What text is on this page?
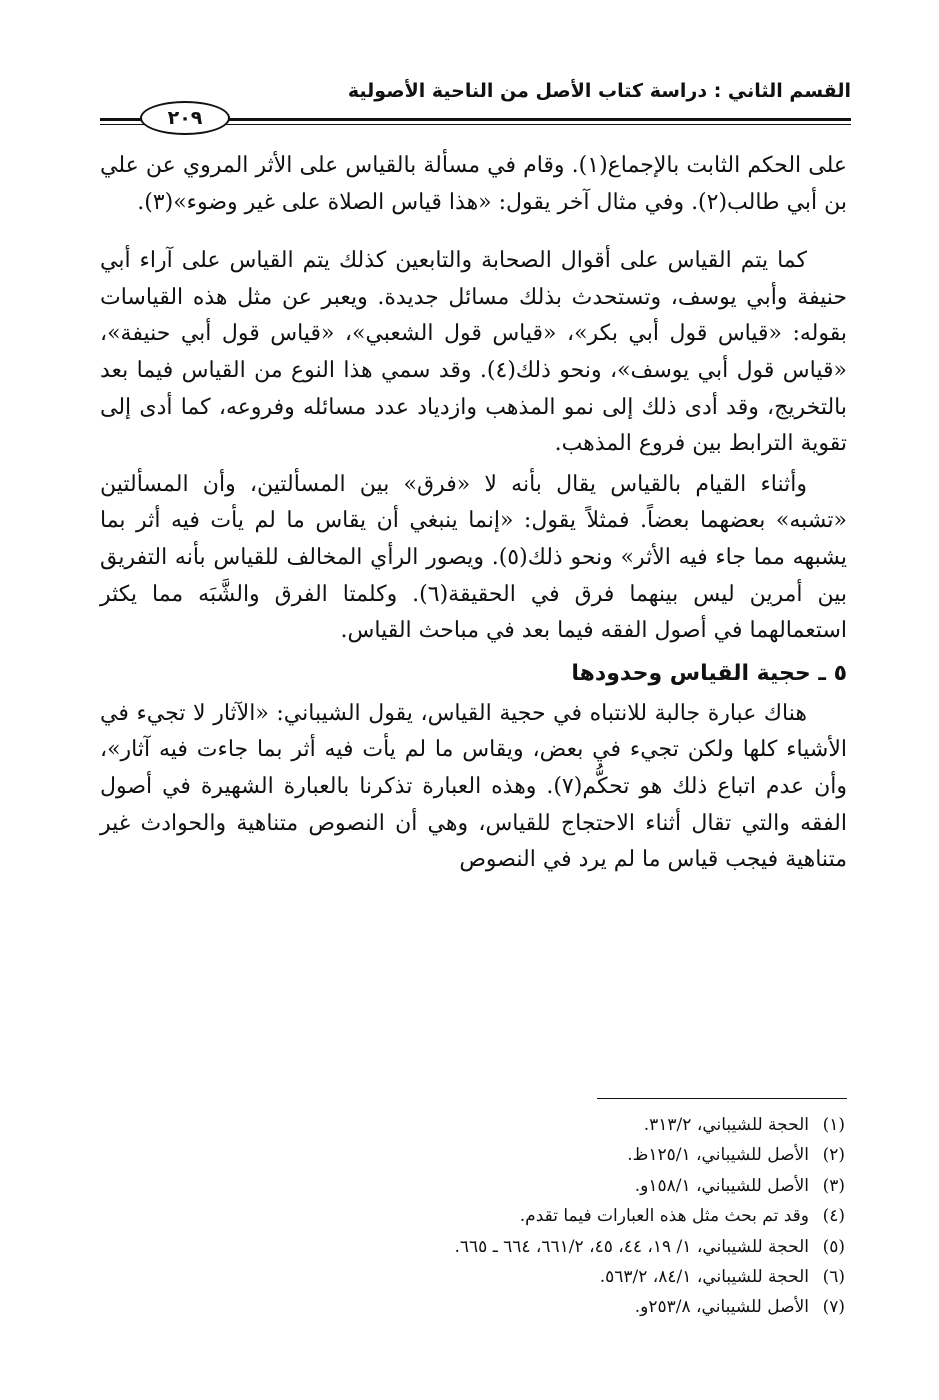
القسم الثاني : دراسة كتاب الأصل من الناحية الأصولية
٢٠٩

على الحكم الثابت بالإجماع(١). وقام في مسألة بالقياس على الأثر المروي عن علي بن أبي طالب(٢). وفي مثال آخر يقول: «هذا قياس الصلاة على غير وضوء»(٣).

كما يتم القياس على أقوال الصحابة والتابعين كذلك يتم القياس على آراء أبي حنيفة وأبي يوسف، وتستحدث بذلك مسائل جديدة. ويعبر عن مثل هذه القياسات بقوله: «قياس قول أبي بكر»، «قياس قول الشعبي»، «قياس قول أبي حنيفة»، «قياس قول أبي يوسف»، ونحو ذلك(٤). وقد سمي هذا النوع من القياس فيما بعد بالتخريج، وقد أدى ذلك إلى نمو المذهب وازدياد عدد مسائله وفروعه، كما أدى إلى تقوية الترابط بين فروع المذهب.

وأثناء القيام بالقياس يقال بأنه لا «فرق» بين المسألتين، وأن المسألتين «تشبه» بعضهما بعضاً. فمثلاً يقول: «إنما ينبغي أن يقاس ما لم يأت فيه أثر بما يشبهه مما جاء فيه الأثر» ونحو ذلك(٥). ويصور الرأي المخالف للقياس بأنه التفريق بين أمرين ليس بينهما فرق في الحقيقة(٦). وكلمتا الفرق والشَّبَه مما يكثر استعمالهما في أصول الفقه فيما بعد في مباحث القياس.

٥ ـ حجية القياس وحدودها

هناك عبارة جالبة للانتباه في حجية القياس، يقول الشيباني: «الآثار لا تجيء في الأشياء كلها ولكن تجيء في بعض، ويقاس ما لم يأت فيه أثر بما جاءت فيه آثار»، وأن عدم اتباع ذلك هو تحكُّم(٧). وهذه العبارة تذكرنا بالعبارة الشهيرة في أصول الفقه والتي تقال أثناء الاحتجاج للقياس، وهي أن النصوص متناهية والحوادث غير متناهية فيجب قياس ما لم يرد في النصوص

(١)
الحجة للشيباني، ٣١٣/٢.
(٢)
الأصل للشيباني، ١٢٥/١ظ.
(٣)
الأصل للشيباني، ١٥٨/١و.
(٤)
وقد تم بحث مثل هذه العبارات فيما تقدم.
(٥)
الحجة للشيباني، ١/ ١٩، ٤٤، ٤٥، ٦٦١/٢، ٦٦٤ ـ ٦٦٥.
(٦)
الحجة للشيباني، ٨٤/١، ٥٦٣/٢.
(٧)
الأصل للشيباني، ٢٥٣/٨و.
